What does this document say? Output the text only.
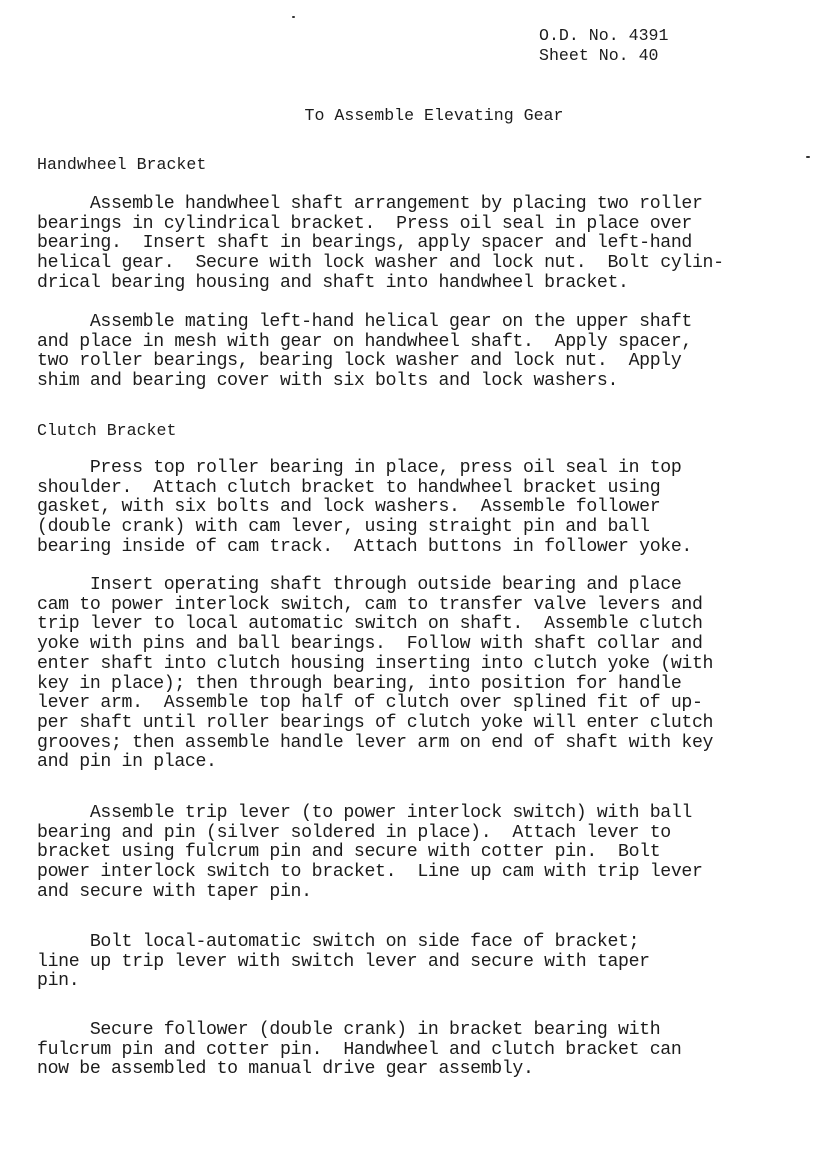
O.D. No. 4391
Sheet No. 40
To Assemble Elevating Gear
Handwheel Bracket
Assemble handwheel shaft arrangement by placing two roller
bearings in cylindrical bracket.  Press oil seal in place over
bearing.  Insert shaft in bearings, apply spacer and left-hand
helical gear.  Secure with lock washer and lock nut.  Bolt cylin-
drical bearing housing and shaft into handwheel bracket.
Assemble mating left-hand helical gear on the upper shaft
and place in mesh with gear on handwheel shaft.  Apply spacer,
two roller bearings, bearing lock washer and lock nut.  Apply
shim and bearing cover with six bolts and lock washers.
Clutch Bracket
Press top roller bearing in place, press oil seal in top
shoulder.  Attach clutch bracket to handwheel bracket using
gasket, with six bolts and lock washers.  Assemble follower
(double crank) with cam lever, using straight pin and ball
bearing inside of cam track.  Attach buttons in follower yoke.
Insert operating shaft through outside bearing and place
cam to power interlock switch, cam to transfer valve levers and
trip lever to local automatic switch on shaft.  Assemble clutch
yoke with pins and ball bearings.  Follow with shaft collar and
enter shaft into clutch housing inserting into clutch yoke (with
key in place); then through bearing, into position for handle
lever arm.  Assemble top half of clutch over splined fit of up-
per shaft until roller bearings of clutch yoke will enter clutch
grooves; then assemble handle lever arm on end of shaft with key
and pin in place.
Assemble trip lever (to power interlock switch) with ball
bearing and pin (silver soldered in place).  Attach lever to
bracket using fulcrum pin and secure with cotter pin.  Bolt
power interlock switch to bracket.  Line up cam with trip lever
and secure with taper pin.
Bolt local-automatic switch on side face of bracket;
line up trip lever with switch lever and secure with taper
pin.
Secure follower (double crank) in bracket bearing with
fulcrum pin and cotter pin.  Handwheel and clutch bracket can
now be assembled to manual drive gear assembly.
